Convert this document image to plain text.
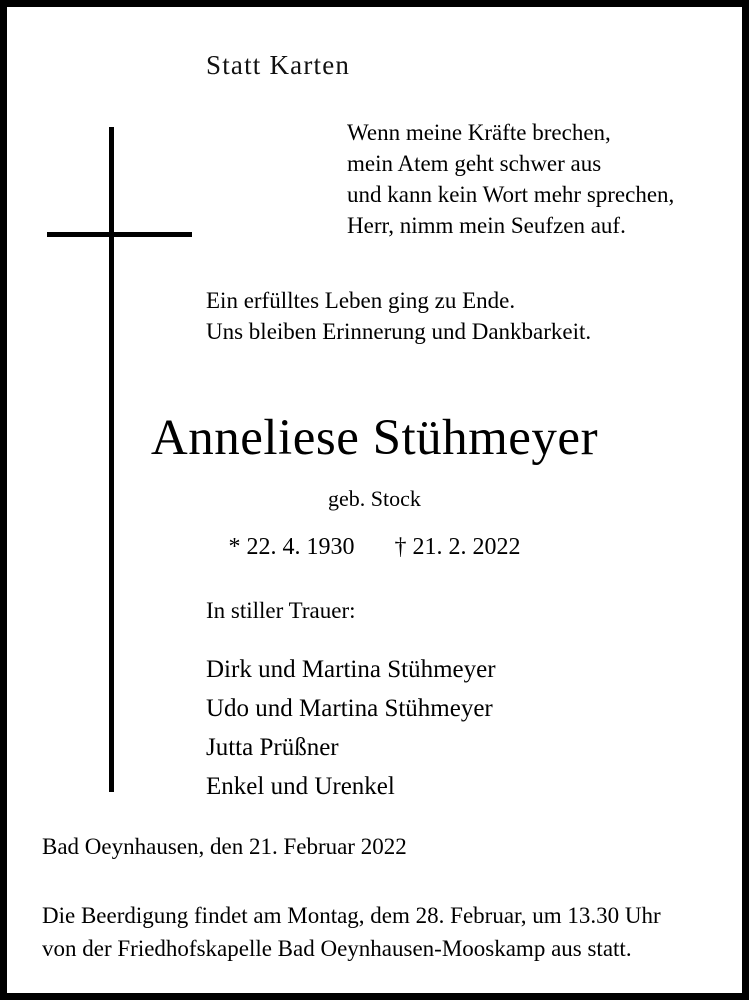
Statt Karten
Wenn meine Kräfte brechen,
mein Atem geht schwer aus
und kann kein Wort mehr sprechen,
Herr, nimm mein Seufzen auf.
Ein erfülltes Leben ging zu Ende.
Uns bleiben Erinnerung und Dankbarkeit.
Anneliese Stühmeyer
geb. Stock
* 22. 4. 1930 † 21. 2. 2022
In stiller Trauer:
Dirk und Martina Stühmeyer
Udo und Martina Stühmeyer
Jutta Prüßner
Enkel und Urenkel
Bad Oeynhausen, den 21. Februar 2022
Die Beerdigung findet am Montag, dem 28. Februar, um 13.30 Uhr
von der Friedhofskapelle Bad Oeynhausen-Mooskamp aus statt.
